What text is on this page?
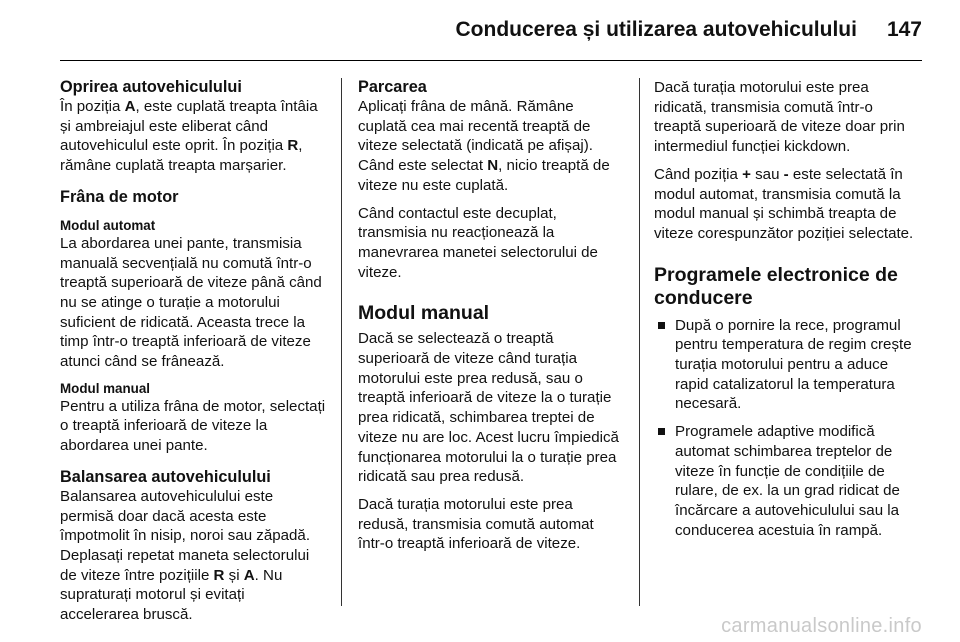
Conducerea și utilizarea autovehiculului 147
Oprirea autovehiculului

În poziția A, este cuplată treapta întâia și ambreiajul este eliberat când autovehiculul este oprit. În poziția R, rămâne cuplată treapta marșarier.

Frâna de motor
Modul automat

La abordarea unei pante, transmisia manuală secvențială nu comută într-o treaptă superioară de viteze până când nu se atinge o turație a motorului suficient de ridicată. Aceasta trece la timp într-o treaptă inferioară de viteze atunci când se frânează.

Modul manual

Pentru a utiliza frâna de motor, selectați o treaptă inferioară de viteze la abordarea unei pante.

Balansarea autovehiculului

Balansarea autovehiculului este permisă doar dacă acesta este împotmolit în nisip, noroi sau zăpadă. Deplasați repetat maneta selectorului de viteze între pozițiile R și A. Nu supraturați motorul și evitați accelerarea bruscă.

Parcarea

Aplicați frâna de mână. Rămâne cuplată cea mai recentă treaptă de viteze selectată (indicată pe afișaj). Când este selectat N, nicio treaptă de viteze nu este cuplată.

Când contactul este decuplat, transmisia nu reacționează la manevrarea manetei selectorului de viteze.

Modul manual

Dacă se selectează o treaptă superioară de viteze când turația motorului este prea redusă, sau o treaptă inferioară de viteze la o turație prea ridicată, schimbarea treptei de viteze nu are loc. Acest lucru împiedică funcționarea motorului la o turație prea ridicată sau prea redusă.

Dacă turația motorului este prea redusă, transmisia comută automat într-o treaptă inferioară de viteze.

Dacă turația motorului este prea ridicată, transmisia comută într-o treaptă superioară de viteze doar prin intermediul funcției kickdown.

Când poziția + sau - este selectată în modul automat, transmisia comută la modul manual și schimbă treapta de viteze corespunzător poziției selectate.

Programele electronice de conducere
După o pornire la rece, programul pentru temperatura de regim crește turația motorului pentru a aduce rapid catalizatorul la temperatura necesară.
Programele adaptive modifică automat schimbarea treptelor de viteze în funcție de condițiile de rulare, de ex. la un grad ridicat de încărcare a autovehiculului sau la conducerea acestuia în rampă.
carmanualsonline.info
